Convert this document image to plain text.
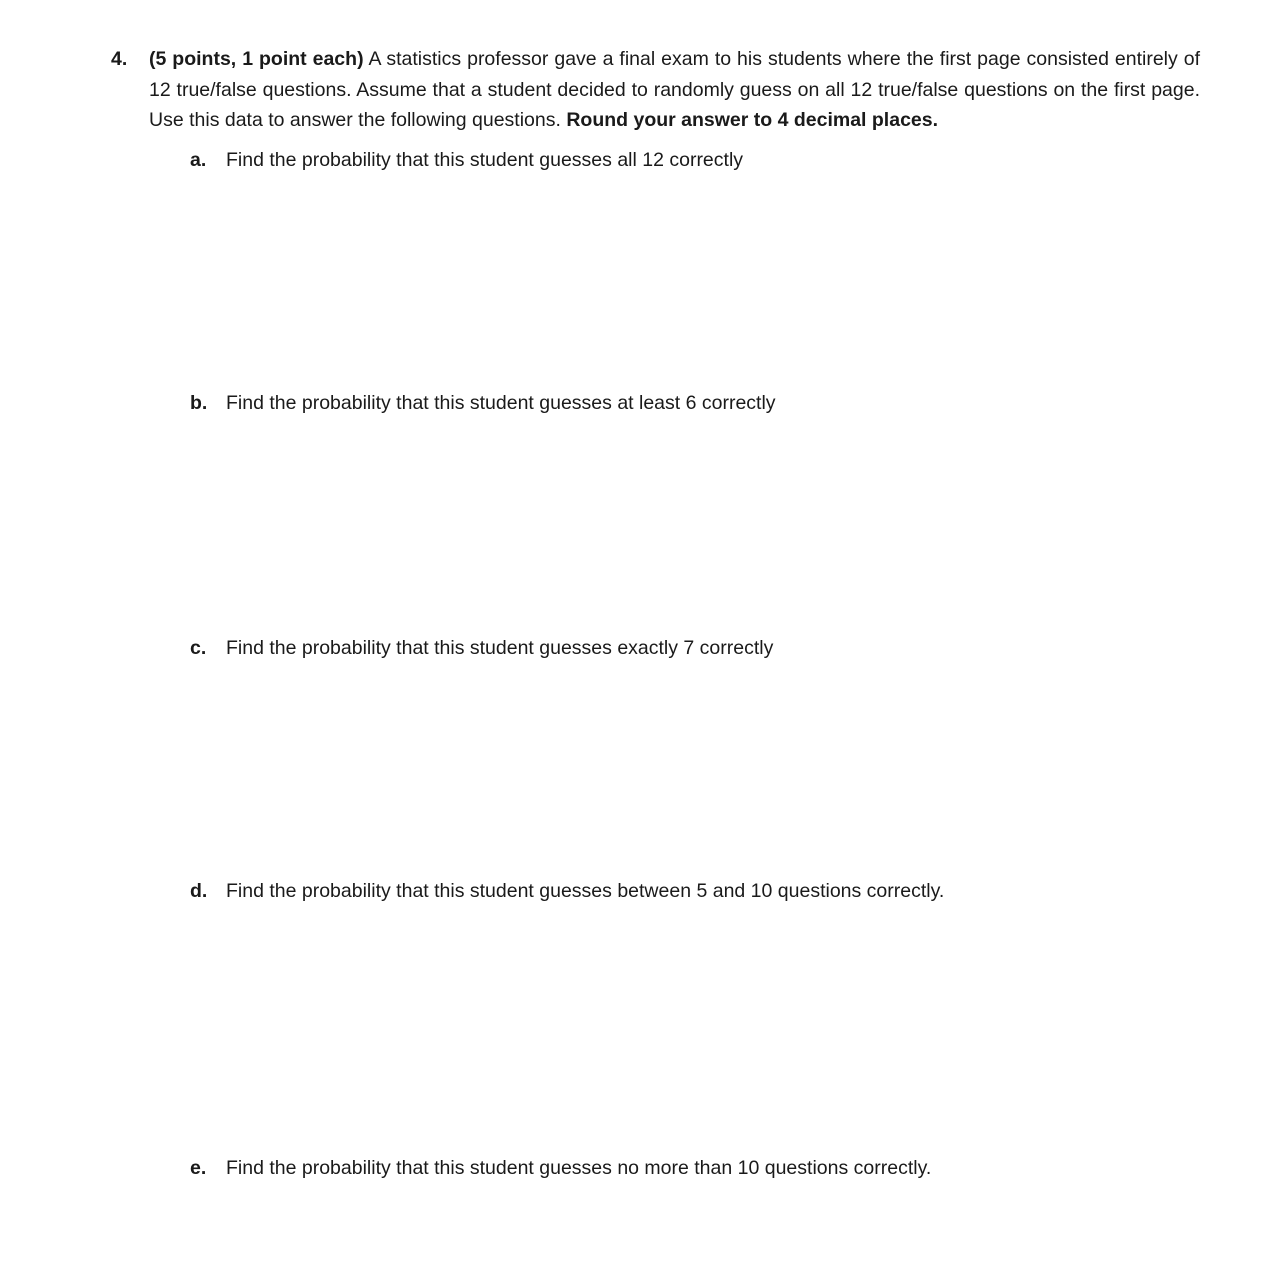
4.	(5 points, 1 point each) A statistics professor gave a final exam to his students where the first page consisted entirely of 12 true/false questions. Assume that a student decided to randomly guess on all 12 true/false questions on the first page. Use this data to answer the following questions. Round your answer to 4 decimal places.

a.	Find the probability that this student guesses all 12 correctly
b. Find the probability that this student guesses at least 6 correctly
c.	Find the probability that this student guesses exactly 7 correctly
d. Find the probability that this student guesses between 5 and 10 questions correctly.
e.	Find the probability that this student guesses no more than 10 questions correctly.
